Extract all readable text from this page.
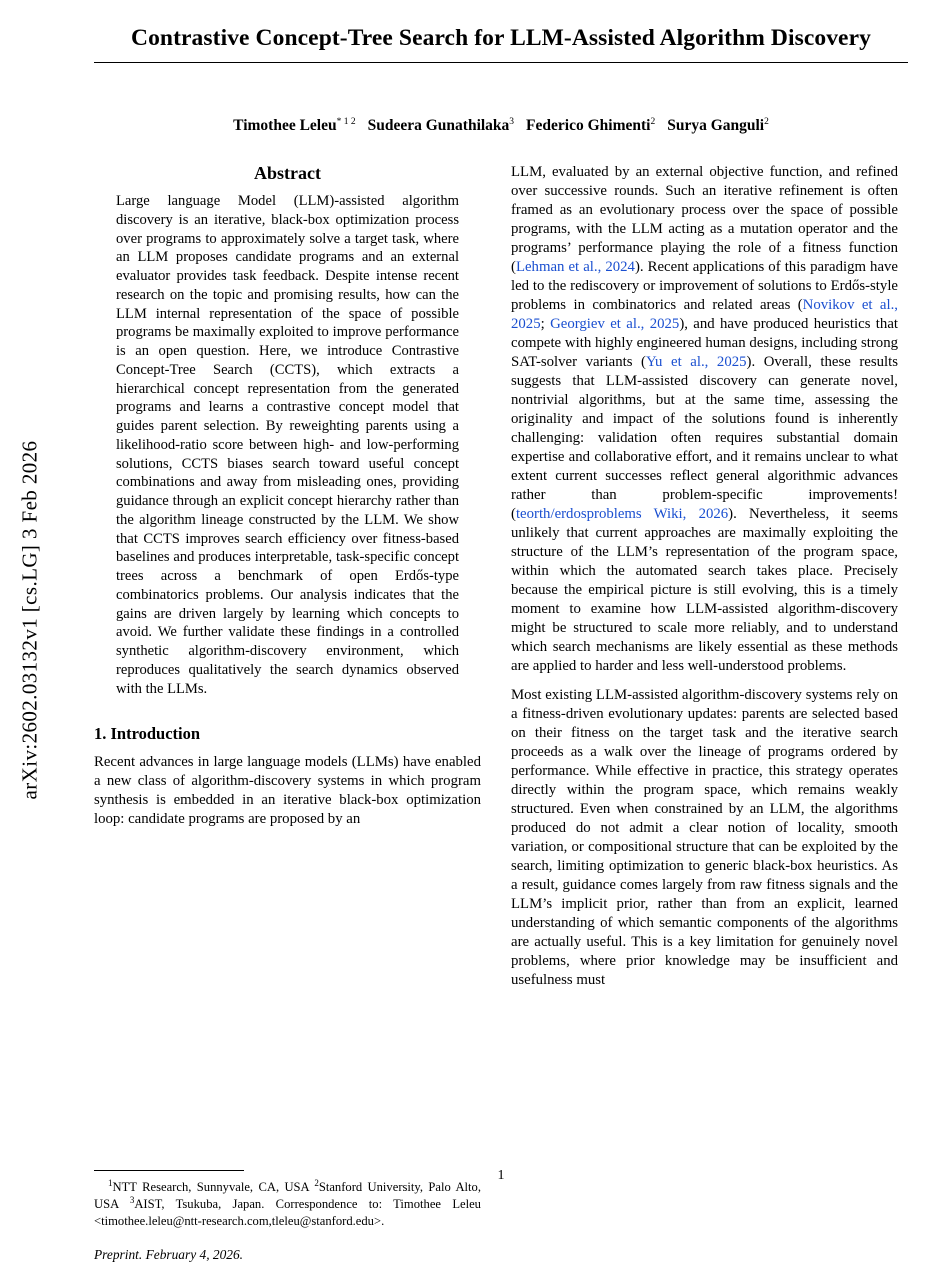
arXiv:2602.03132v1 [cs.LG] 3 Feb 2026
Contrastive Concept-Tree Search for LLM-Assisted Algorithm Discovery
Timothee Leleu$^{* 1 2}$ Sudeera Gunathilaka$^3$ Federico Ghimenti$^2$ Surya Ganguli$^2$
Abstract
Large language Model (LLM)-assisted algorithm discovery is an iterative, black-box optimization process over programs to approximately solve a target task, where an LLM proposes candidate programs and an external evaluator provides task feedback. Despite intense recent research on the topic and promising results, how can the LLM internal representation of the space of possible programs be maximally exploited to improve performance is an open question. Here, we introduce Contrastive Concept-Tree Search (CCTS), which extracts a hierarchical concept representation from the generated programs and learns a contrastive concept model that guides parent selection. By reweighting parents using a likelihood-ratio score between high- and low-performing solutions, CCTS biases search toward useful concept combinations and away from misleading ones, providing guidance through an explicit concept hierarchy rather than the algorithm lineage constructed by the LLM. We show that CCTS improves search efficiency over fitness-based baselines and produces interpretable, task-specific concept trees across a benchmark of open Erdős-type combinatorics problems. Our analysis indicates that the gains are driven largely by learning which concepts to avoid. We further validate these findings in a controlled synthetic algorithm-discovery environment, which reproduces qualitatively the search dynamics observed with the LLMs.
1. Introduction

Recent advances in large language models (LLMs) have enabled a new class of algorithm-discovery systems in which program synthesis is embedded in an iterative black-box optimization loop: candidate programs are proposed by an

$^1$NTT Research, Sunnyvale, CA, USA $^2$Stanford University, Palo Alto, USA $^3$AIST, Tsukuba, Japan. Correspondence to: Timothee Leleu <timothee.leleu@ntt-research.com,tleleu@stanford.edu>.
Preprint. February 4, 2026.

LLM, evaluated by an external objective function, and refined over successive rounds. Such an iterative refinement is often framed as an evolutionary process over the space of possible programs, with the LLM acting as a mutation operator and the programs’ performance playing the role of a fitness function (Lehman et al., 2024). Recent applications of this paradigm have led to the rediscovery or improvement of solutions to Erdős-style problems in combinatorics and related areas (Novikov et al., 2025; Georgiev et al., 2025), and have produced heuristics that compete with highly engineered human designs, including strong SAT-solver variants (Yu et al., 2025). Overall, these results suggests that LLM-assisted discovery can generate novel, nontrivial algorithms, but at the same time, assessing the originality and impact of the solutions found is inherently challenging: validation often requires substantial domain expertise and collaborative effort, and it remains unclear to what extent current successes reflect general algorithmic advances rather than problem-specific improvements!(teorth/erdosproblems Wiki, 2026). Nevertheless, it seems unlikely that current approaches are maximally exploiting the structure of the LLM’s representation of the program space, within which the automated search takes place. Precisely because the empirical picture is still evolving, this is a timely moment to examine how LLM-assisted algorithm-discovery might be structured to scale more reliably, and to understand which search mechanisms are likely essential as these methods are applied to harder and less well-understood problems.

Most existing LLM-assisted algorithm-discovery systems rely on a fitness-driven evolutionary updates: parents are selected based on their fitness on the target task and the iterative search proceeds as a walk over the lineage of programs ordered by performance. While effective in practice, this strategy operates directly within the program space, which remains weakly structured. Even when constrained by an LLM, the algorithms produced do not admit a clear notion of locality, smooth variation, or compositional structure that can be exploited by the search, limiting optimization to generic black-box heuristics. As a result, guidance comes largely from raw fitness signals and the LLM’s implicit prior, rather than from an explicit, learned understanding of which semantic components of the algorithms are actually useful. This is a key limitation for genuinely novel problems, where prior knowledge may be insufficient and usefulness must

1
